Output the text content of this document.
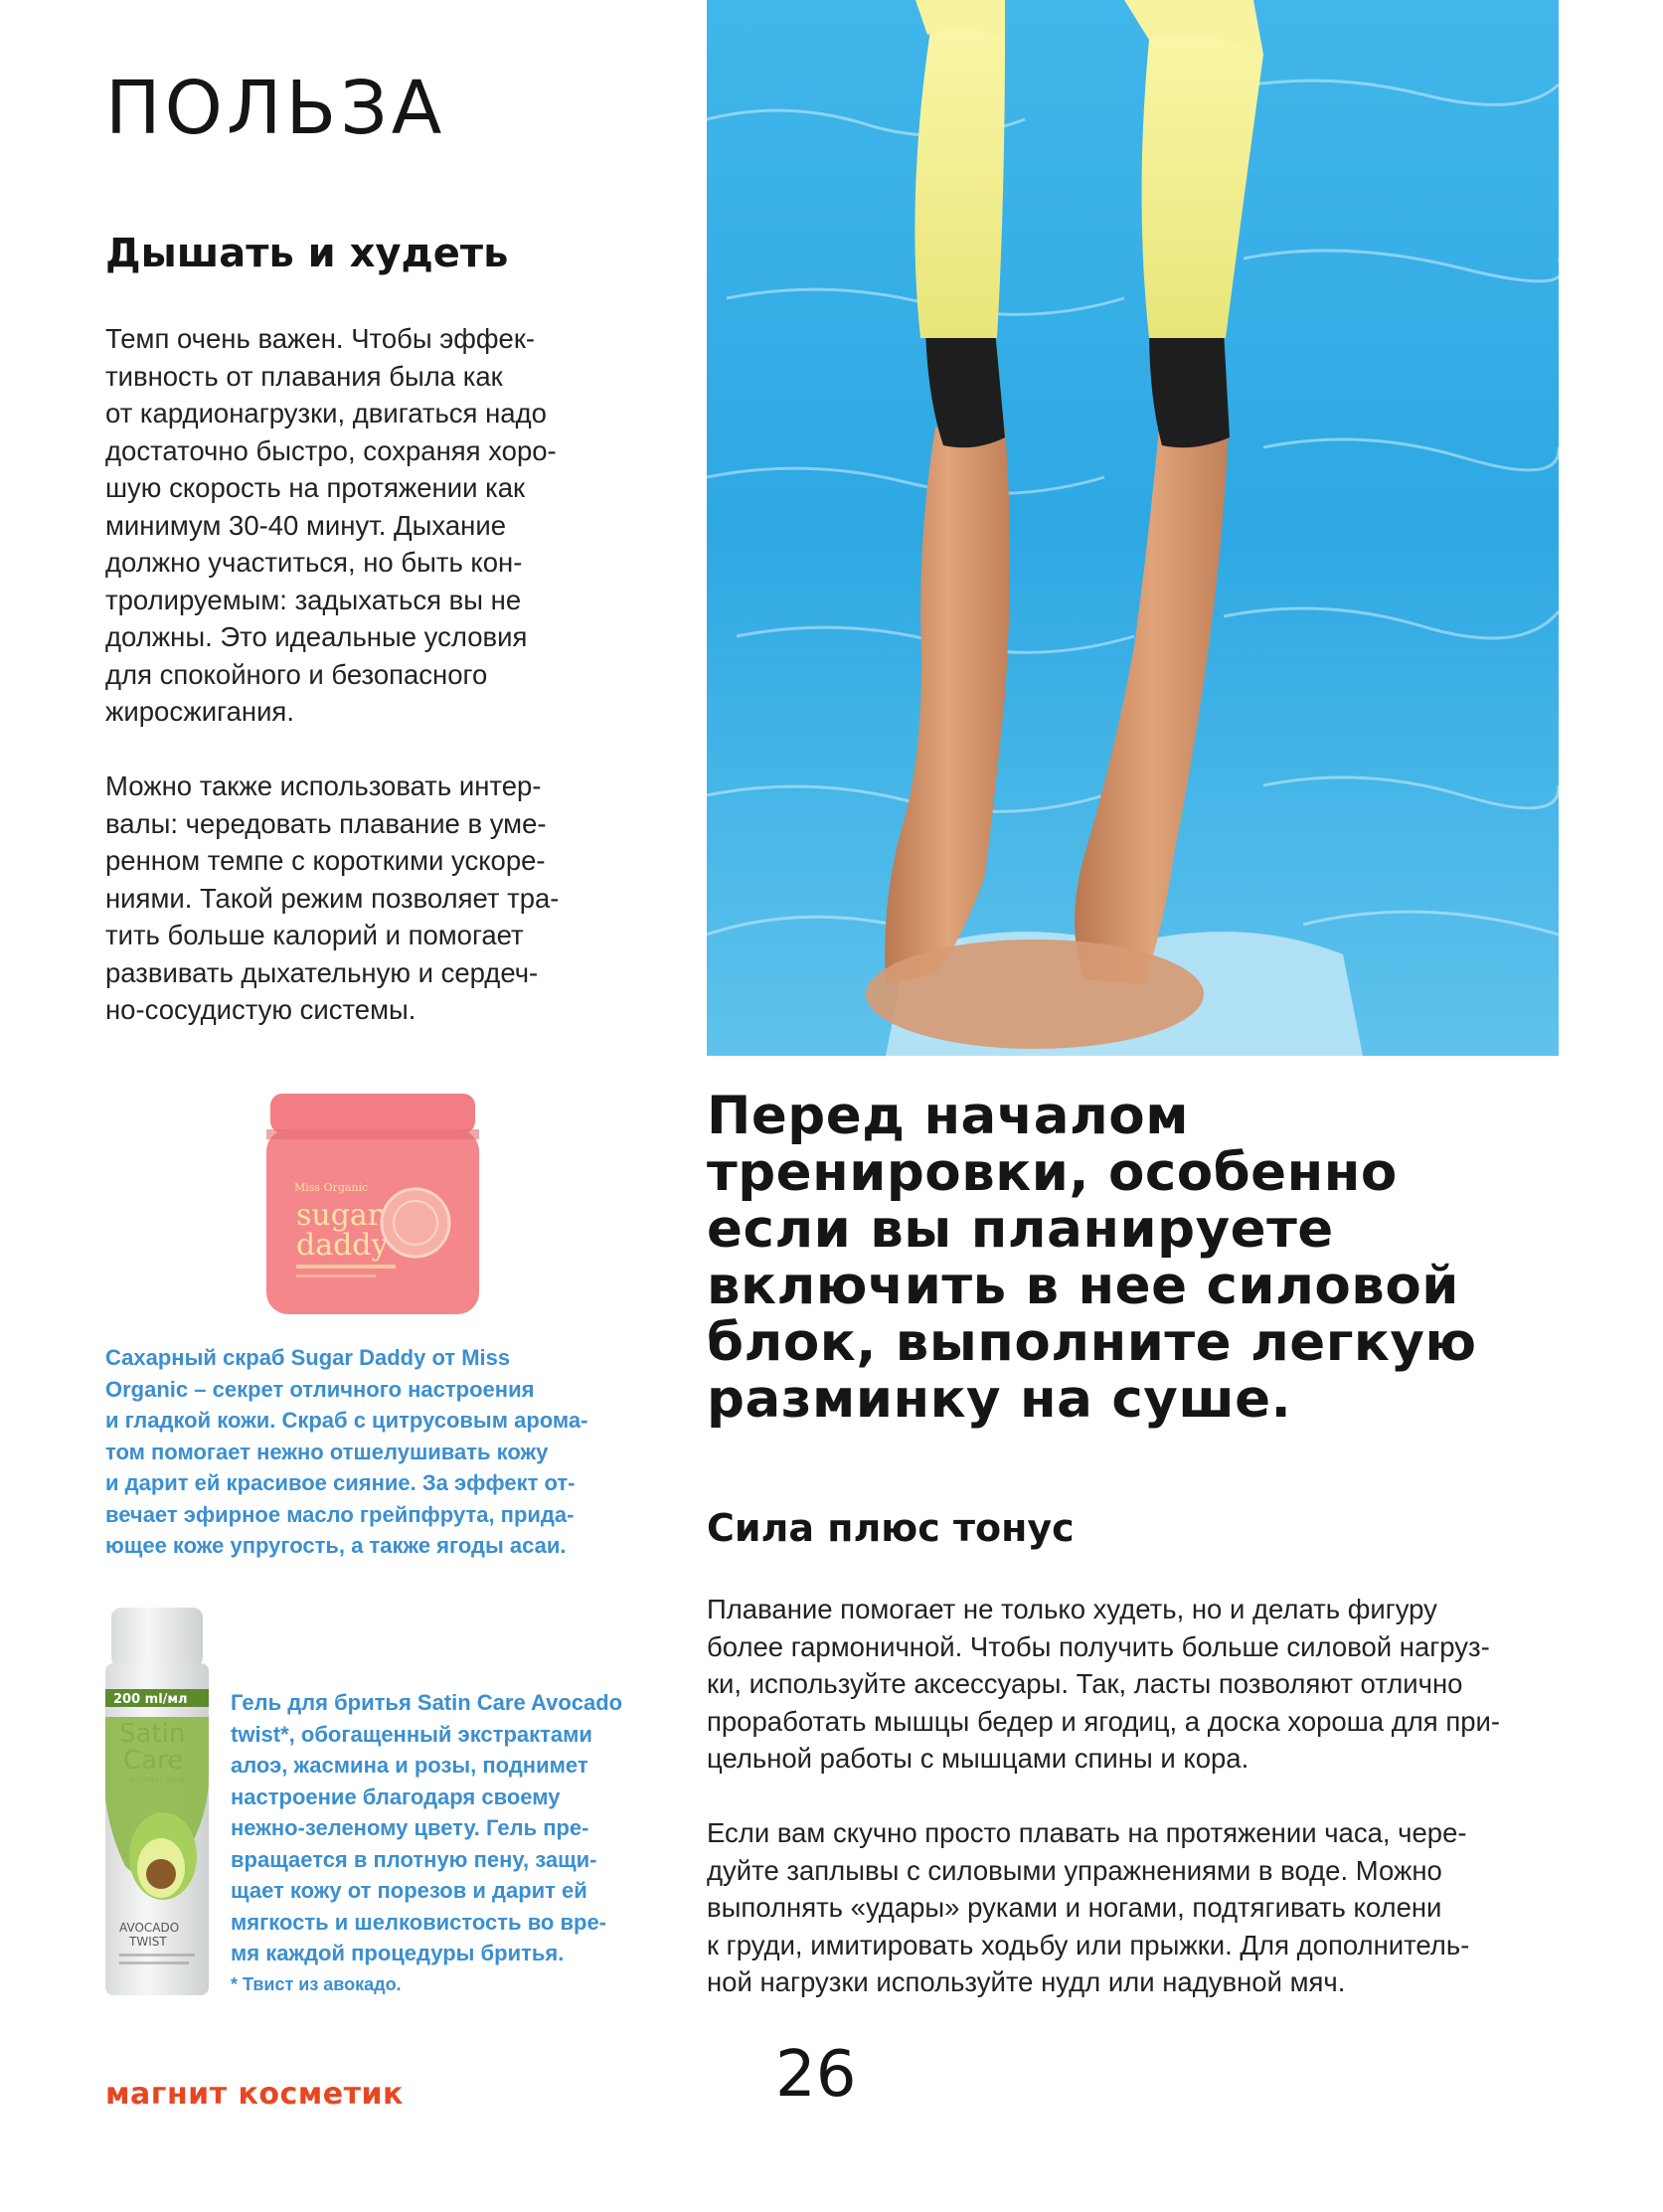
ПОЛЬЗА
Дышать и худеть

Темп очень важен. Чтобы эффек-
тивность от плавания была как
от кардионагрузки, двигаться надо
достаточно быстро, сохраняя хоро-
шую скорость на протяжении как
минимум 30-40 минут. Дыхание
должно участиться, но быть кон-
тролируемым: задыхаться вы не
должны. Это идеальные условия
для спокойного и безопасного
жиросжигания.

Можно также использовать интер-
валы: чередовать плавание в уме-
ренном темпе с короткими ускоре-
ниями. Такой режим позволяет тра-
тить больше калорий и помогает
развивать дыхательную и сердеч-
но-сосудистую системы.

Перед началом
тренировки, особенно
если вы планируете
включить в нее силовой
блок, выполните легкую
разминку на суше.
Сила плюс тонус

Плавание помогает не только худеть, но и делать фигуру
более гармоничной. Чтобы получить больше силовой нагруз-
ки, используйте аксессуары. Так, ласты позволяют отлично
проработать мышцы бедер и ягодиц, а доска хороша для при-
цельной работы с мышцами спины и кора.

Если вам скучно просто плавать на протяжении часа, чере-
дуйте заплывы с силовыми упражнениями в воде. Можно
выполнять «удары» руками и ногами, подтягивать колени
к груди, имитировать ходьбу или прыжки. Для дополнитель-
ной нагрузки используйте нудл или надувной мяч.

Miss Organic
sugar
daddy

Сахарный скраб Sugar Daddy от Miss
Organic – секрет отличного настроения
и гладкой кожи. Скраб с цитрусовым арома-
том помогает нежно отшелушивать кожу
и дарит ей красивое сияние. За эффект от-
вечает эфирное масло грейпфрута, прида-
ющее коже упругость, а также ягоды асаи.

200 ml/мл
AVOCADO
TWIST

Гель для бритья Satin Care Avocado
twist*, обогащенный экстрактами
алоэ, жасмина и розы, поднимет
настроение благодаря своему
нежно-зеленому цвету. Гель пре-
вращается в плотную пену, защи-
щает кожу от порезов и дарит ей
мягкость и шелковистость во вре-
мя каждой процедуры бритья.

* Твист из авокадо.

магнит косметик	26
